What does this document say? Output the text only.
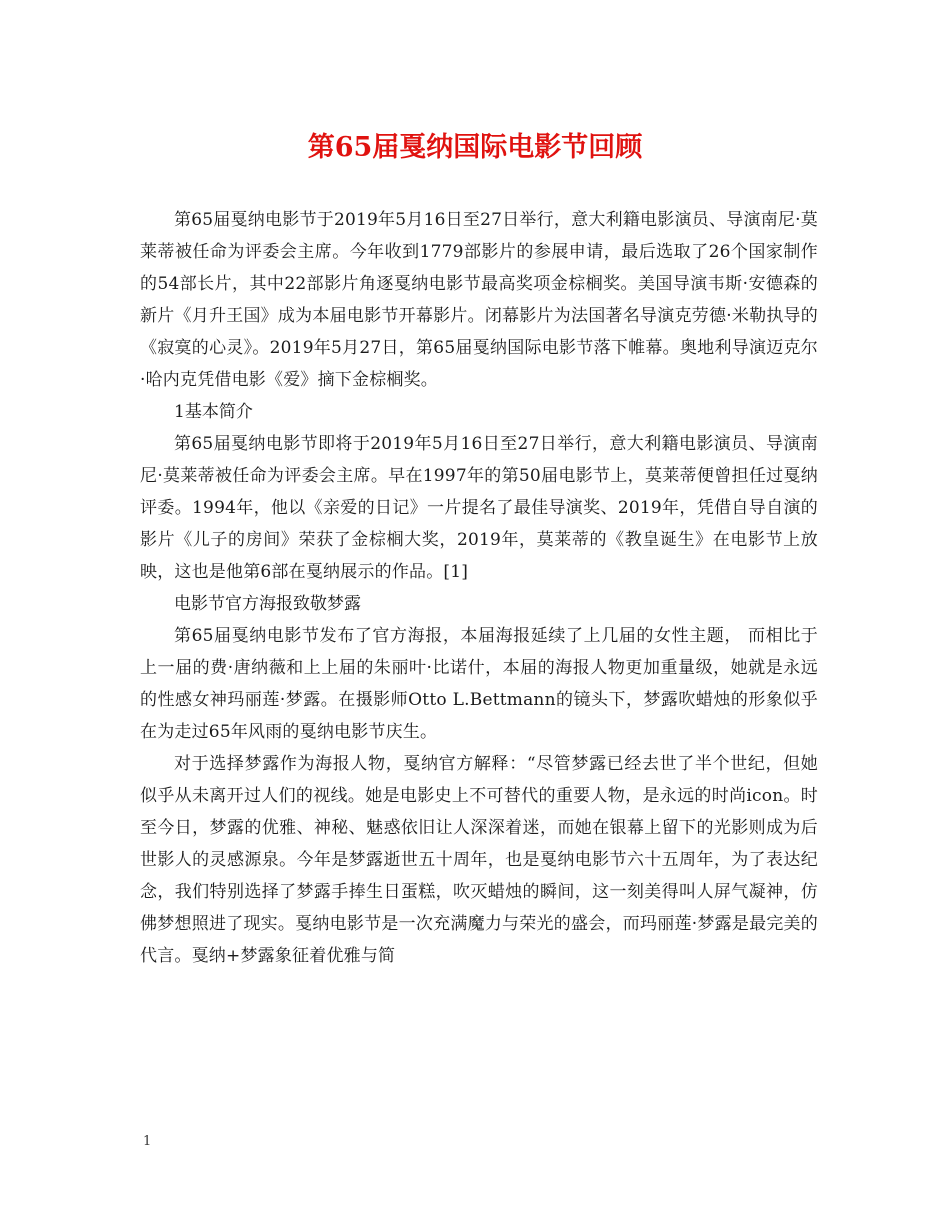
第65届戛纳国际电影节回顾

第65届戛纳电影节于2019年5月16日至27日举行，意大利籍电影演员、导演南尼·莫莱蒂被任命为评委会主席。今年收到1779部影片的参展申请，最后选取了26个国家制作的54部长片，其中22部影片角逐戛纳电影节最高奖项金棕榈奖。美国导演韦斯·安德森的新片《月升王国》成为本届电影节开幕影片。闭幕影片为法国著名导演克劳德·米勒执导的《寂寞的心灵》。2019年5月27日，第65届戛纳国际电影节落下帷幕。奥地利导演迈克尔·哈内克凭借电影《爱》摘下金棕榈奖。

1基本简介

第65届戛纳电影节即将于2019年5月16日至27日举行，意大利籍电影演员、导演南尼·莫莱蒂被任命为评委会主席。早在1997年的第50届电影节上，莫莱蒂便曾担任过戛纳评委。1994年，他以《亲爱的日记》一片提名了最佳导演奖、2019年，凭借自导自演的影片《儿子的房间》荣获了金棕榈大奖，2019年，莫莱蒂的《教皇诞生》在电影节上放映，这也是他第6部在戛纳展示的作品。[1]

电影节官方海报致敬梦露

第65届戛纳电影节发布了官方海报，本届海报延续了上几届的女性主题， 而相比于上一届的费·唐纳薇和上上届的朱丽叶·比诺什，本届的海报人物更加重量级，她就是永远的性感女神玛丽莲·梦露。在摄影师Otto L.Bettmann的镜头下，梦露吹蜡烛的形象似乎在为走过65年风雨的戛纳电影节庆生。

对于选择梦露作为海报人物，戛纳官方解释：“尽管梦露已经去世了半个世纪，但她似乎从未离开过人们的视线。她是电影史上不可替代的重要人物，是永远的时尚icon。时至今日，梦露的优雅、神秘、魅惑依旧让人深深着迷，而她在银幕上留下的光影则成为后世影人的灵感源泉。今年是梦露逝世五十周年，也是戛纳电影节六十五周年，为了表达纪念，我们特别选择了梦露手捧生日蛋糕，吹灭蜡烛的瞬间，这一刻美得叫人屏气凝神，仿佛梦想照进了现实。戛纳电影节是一次充满魔力与荣光的盛会，而玛丽莲·梦露是最完美的代言。戛纳+梦露象征着优雅与简

1
